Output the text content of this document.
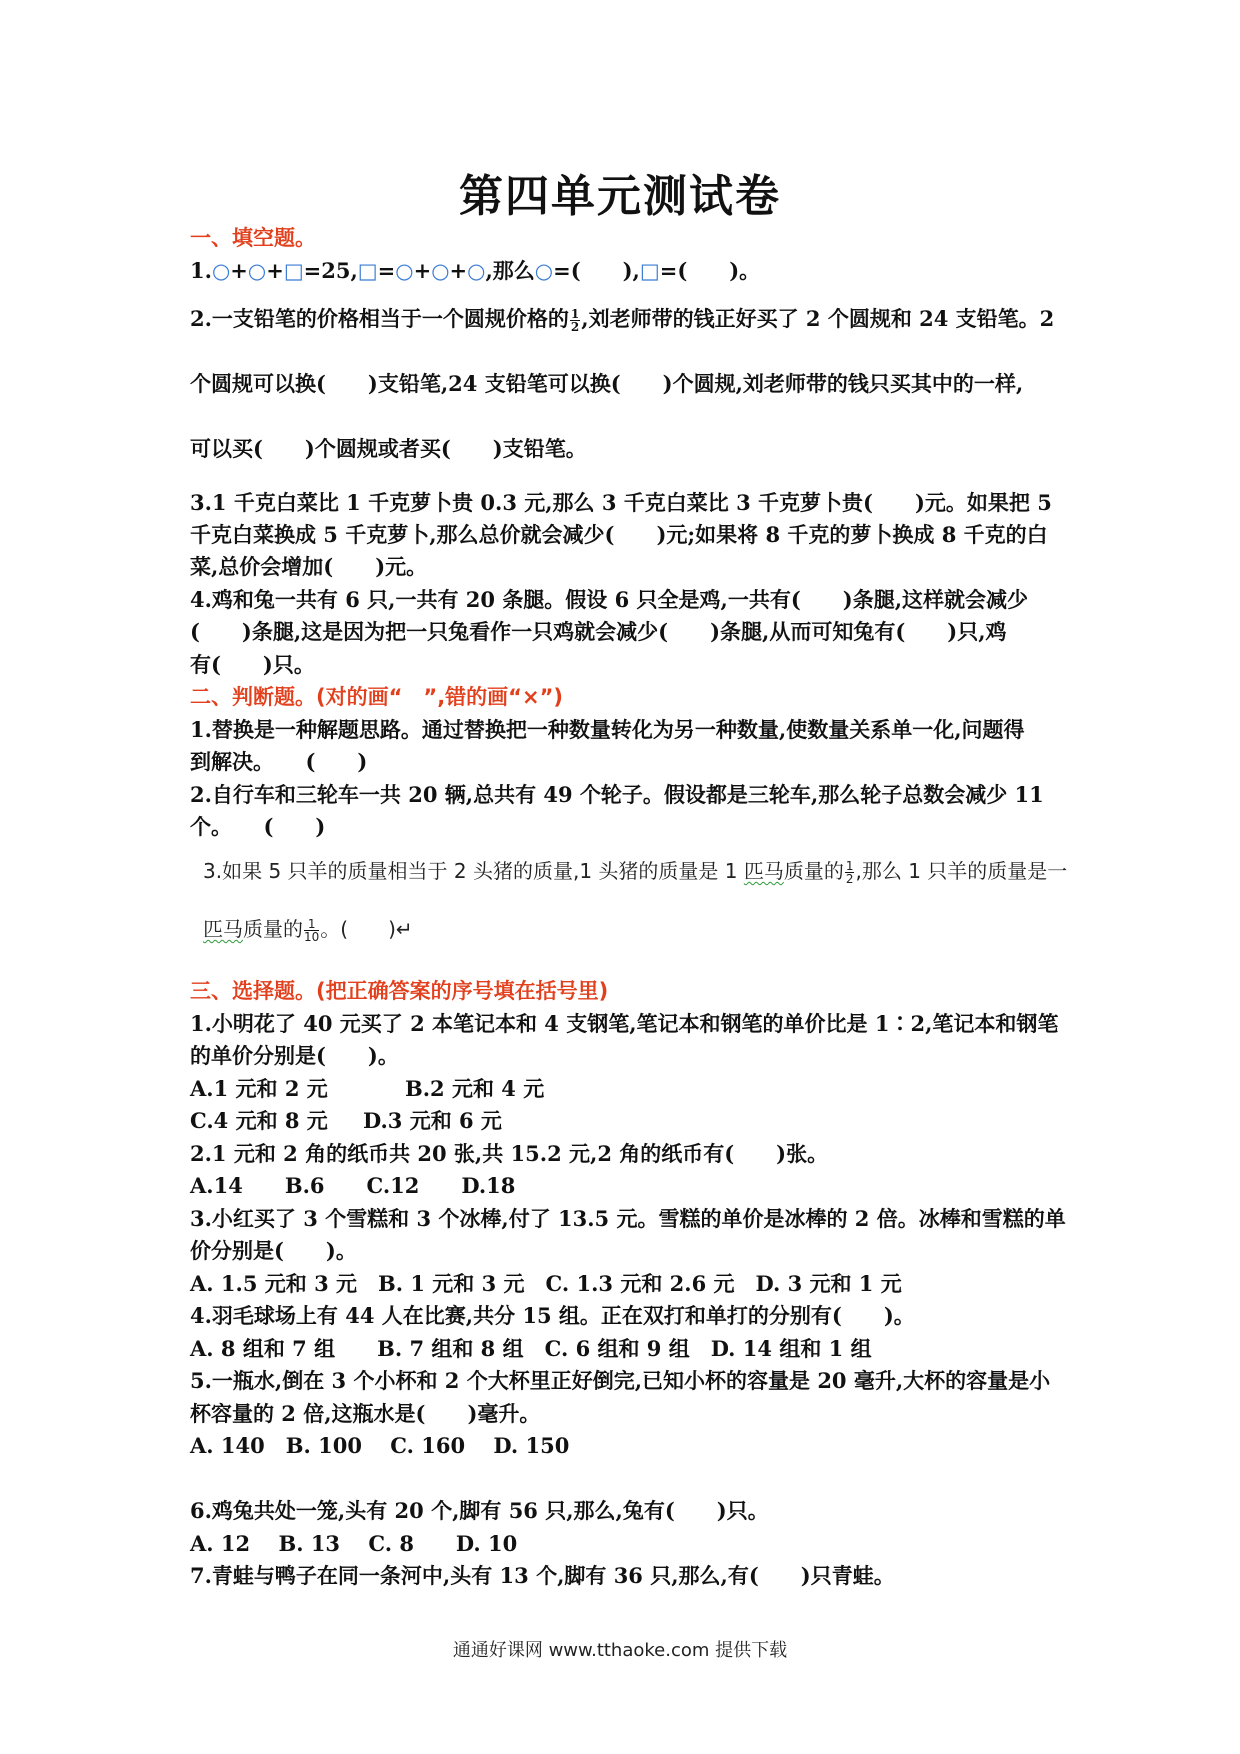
第四单元测试卷
一、填空题。
1.○+○+□=25,□=○+○+○,那么○=(　　),□=(　　)。
2.一支铅笔的价格相当于一个圆规价格的 $\frac{1}{2}$ ,刘老师带的钱正好买了 2 个圆规和 24 支铅笔。2
个圆规可以换(　　)支铅笔,24 支铅笔可以换(　　)个圆规,刘老师带的钱只买其中的一样,
可以买(　　)个圆规或者买(　　)支铅笔。
3.1 千克白菜比 1 千克萝卜贵 0.3 元,那么 3 千克白菜比 3 千克萝卜贵(　　)元。如果把 5
千克白菜换成 5 千克萝卜,那么总价就会减少(　　)元;如果将 8 千克的萝卜换成 8 千克的白
菜,总价会增加(　　)元。
4.鸡和兔一共有 6 只,一共有 20 条腿。假设 6 只全是鸡,一共有(　　)条腿,这样就会减少
(　　)条腿,这是因为把一只兔看作一只鸡就会减少(　　)条腿,从而可知兔有(　　)只,鸡
有(　　)只。
二、判断题。(对的画“　”,错的画“×”)
1.替换是一种解题思路。通过替换把一种数量转化为另一种数量,使数量关系单一化,问题得
到解决。　　(　　)
2.自行车和三轮车一共 20 辆,总共有 49 个轮子。假设都是三轮车,那么轮子总数会减少 11
个。　　(　　)
3.如果 5 只羊的质量相当于 2 头猪的质量,1 头猪的质量是 1 匹马质量的 $\frac{1}{2}$ ,那么 1 只羊的质量是一
匹马质量的 $\frac{1}{10}$ 。(　　)↵
三、选择题。(把正确答案的序号填在括号里)
1.小明花了 40 元买了 2 本笔记本和 4 支钢笔,笔记本和钢笔的单价比是 1∶2,笔记本和钢笔
的单价分别是(　　)。
A.1 元和 2 元	B.2 元和 4 元
C.4 元和 8 元 D.3 元和 6 元
2.1 元和 2 角的纸币共 20 张,共 15.2 元,2 角的纸币有(　　)张。
A.14　　B.6　　C.12　　D.18
3.小红买了 3 个雪糕和 3 个冰棒,付了 13.5 元。雪糕的单价是冰棒的 2 倍。冰棒和雪糕的单
价分别是(　　)。
A. 1.5 元和 3 元　B. 1 元和 3 元　C. 1.3 元和 2.6 元　D. 3 元和 1 元
4.羽毛球场上有 44 人在比赛,共分 15 组。正在双打和单打的分别有(　　)。
A. 8 组和 7 组　　B. 7 组和 8 组　C. 6 组和 9 组　D. 14 组和 1 组
5.一瓶水,倒在 3 个小杯和 2 个大杯里正好倒完,已知小杯的容量是 20 毫升,大杯的容量是小
杯容量的 2 倍,这瓶水是(　　)毫升。
A. 140　B. 100　 C. 160　 D. 150
6.鸡兔共处一笼,头有 20 个,脚有 56 只,那么,兔有(　　)只。
A. 12　 B. 13　 C. 8　　D. 10
7.青蛙与鸭子在同一条河中,头有 13 个,脚有 36 只,那么,有(　　)只青蛙。
通通好课网 www.tthaoke.com 提供下载
